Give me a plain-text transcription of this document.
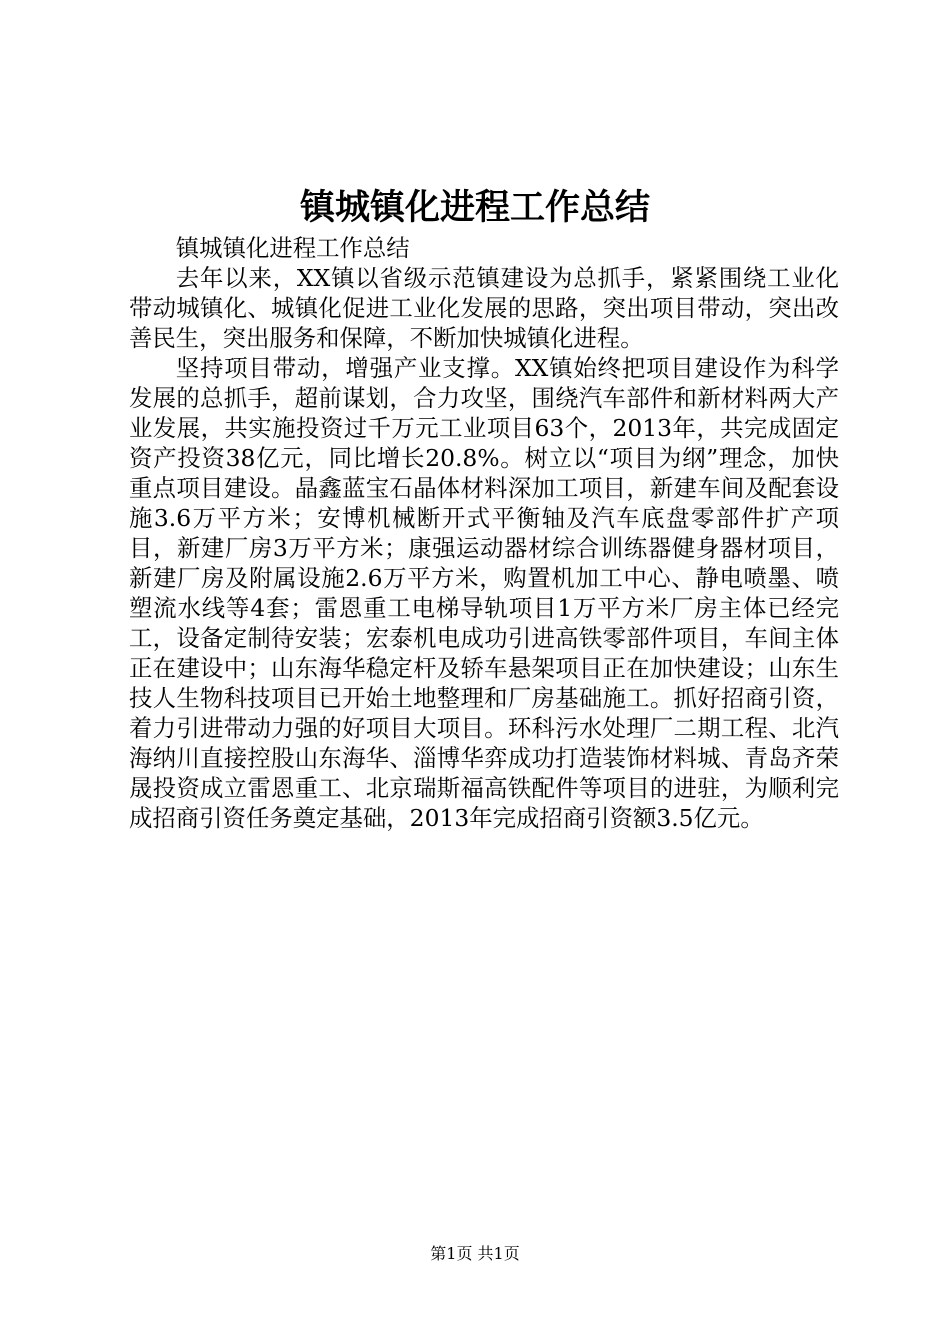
镇城镇化进程工作总结

镇城镇化进程工作总结

去年以来，XX镇以省级示范镇建设为总抓手，紧紧围绕工业化带动城镇化、城镇化促进工业化发展的思路，突出项目带动，突出改善民生，突出服务和保障，不断加快城镇化进程。

坚持项目带动，增强产业支撑。XX镇始终把项目建设作为科学发展的总抓手，超前谋划，合力攻坚，围绕汽车部件和新材料两大产业发展，共实施投资过千万元工业项目63个，2013年，共完成固定资产投资38亿元，同比增长20.8%。树立以“项目为纲”理念，加快重点项目建设。晶鑫蓝宝石晶体材料深加工项目，新建车间及配套设施3.6万平方米；安博机械断开式平衡轴及汽车底盘零部件扩产项目，新建厂房3万平方米；康强运动器材综合训练器健身器材项目，新建厂房及附属设施2.6万平方米，购置机加工中心、静电喷墨、喷塑流水线等4套；雷恩重工电梯导轨项目1万平方米厂房主体已经完工，设备定制待安装；宏泰机电成功引进高铁零部件项目，车间主体正在建设中；山东海华稳定杆及轿车悬架项目正在加快建设；山东生技人生物科技项目已开始土地整理和厂房基础施工。抓好招商引资，着力引进带动力强的好项目大项目。环科污水处理厂二期工程、北汽海纳川直接控股山东海华、淄博华弈成功打造装饰材料城、青岛齐荣晟投资成立雷恩重工、北京瑞斯福高铁配件等项目的进驻，为顺利完成招商引资任务奠定基础，2013年完成招商引资额3.5亿元。

第1页 共1页
